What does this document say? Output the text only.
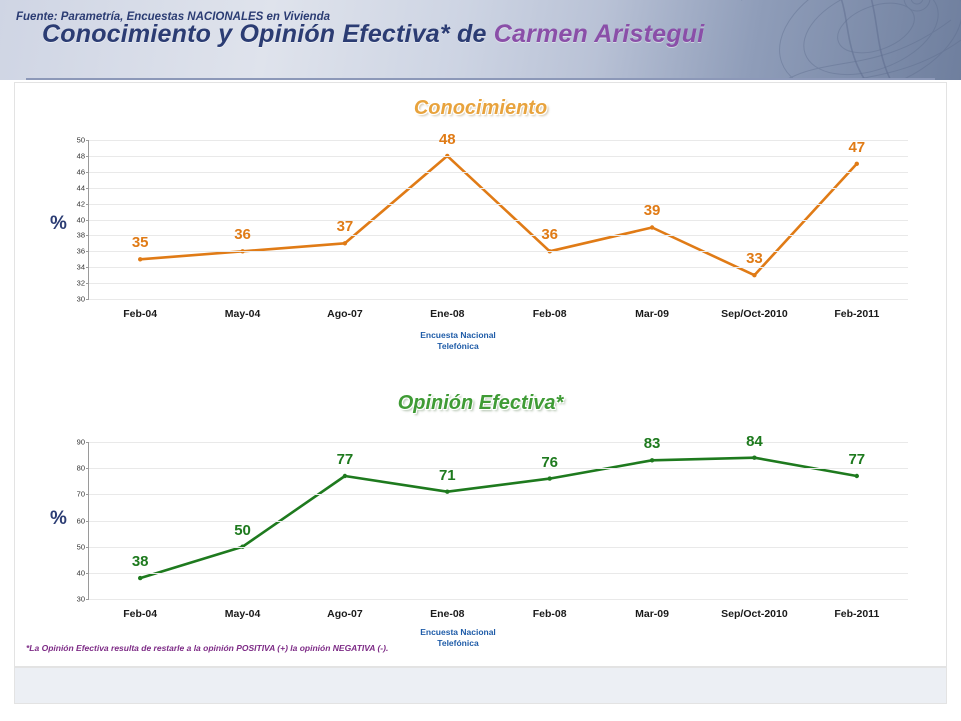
Conocimiento y Opinión Efectiva* de Carmen Aristegui
Conocimiento
%
30
32
34
36
38
40
42
44
46
48
50
Feb-04	May-04	Ago-07	Ene-08	Feb-08	Mar-09	Sep/Oct-2010	Feb-2011
35	36	37
48
36
39
33
47
Encuesta Nacional
Telefónica
Opinión Efectiva*
%
30
40
50
60
70
80
90
Feb-04	May-04	Ago-07	Ene-08	Feb-08	Mar-09	Sep/Oct-2010	Feb-2011
38
50
77
71
76
83	84
77
Encuesta Nacional
Telefónica
*La Opinión Efectiva resulta de restarle a la opinión POSITIVA (+) la opinión NEGATIVA (-).
Fuente: Parametría, Encuestas NACIONALES en Vivienda
